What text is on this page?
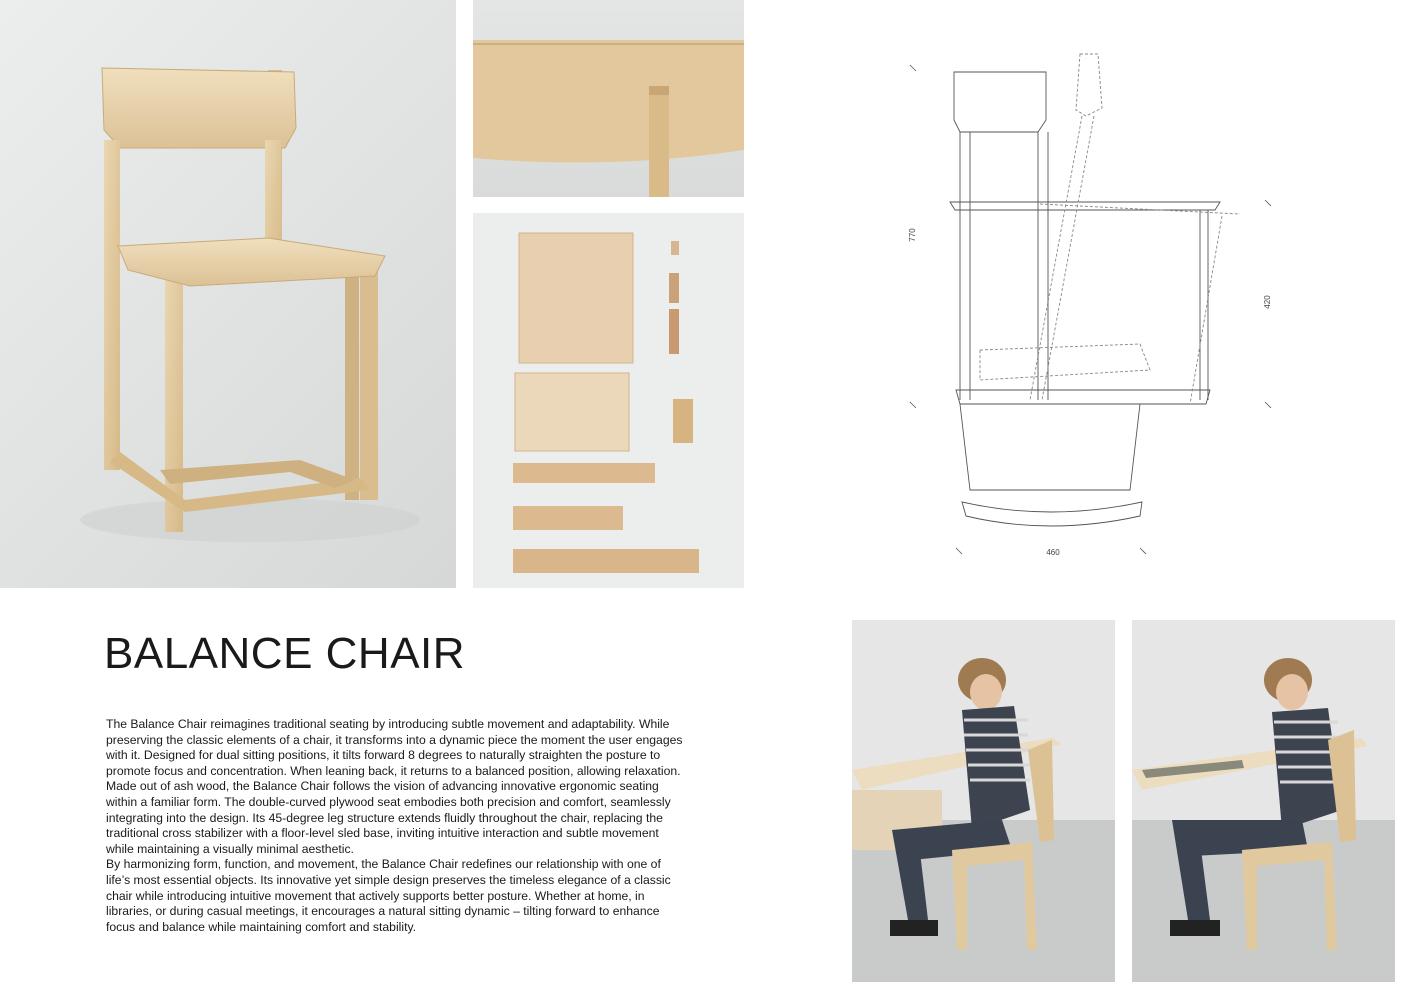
770
420
460
BALANCE CHAIR

The Balance Chair reimagines traditional seating by introducing subtle movement and adaptability. While preserving the classic elements of a chair, it transforms into a dynamic piece the moment the user engages with it. Designed for dual sitting positions, it tilts forward 8 degrees to naturally straighten the posture to promote focus and concentration. When leaning back, it returns to a balanced position, allowing relaxation.

Made out of ash wood, the Balance Chair follows the vision of advancing innovative ergonomic seating within a familiar form. The double-curved plywood seat embodies both precision and comfort, seamlessly integrating into the design. Its 45-degree leg structure extends fluidly throughout the chair, replacing the traditional cross stabilizer with a floor-level sled base, inviting intuitive interaction and subtle movement while maintaining a visually minimal aesthetic.

By harmonizing form, function, and movement, the Balance Chair redefines our relationship with one of life’s most essential objects. Its innovative yet simple design preserves the timeless elegance of a classic chair while introducing intuitive movement that actively supports better posture. Whether at home, in libraries, or during casual meetings, it encourages a natural sitting dynamic – tilting forward to enhance focus and balance while maintaining comfort and stability.
